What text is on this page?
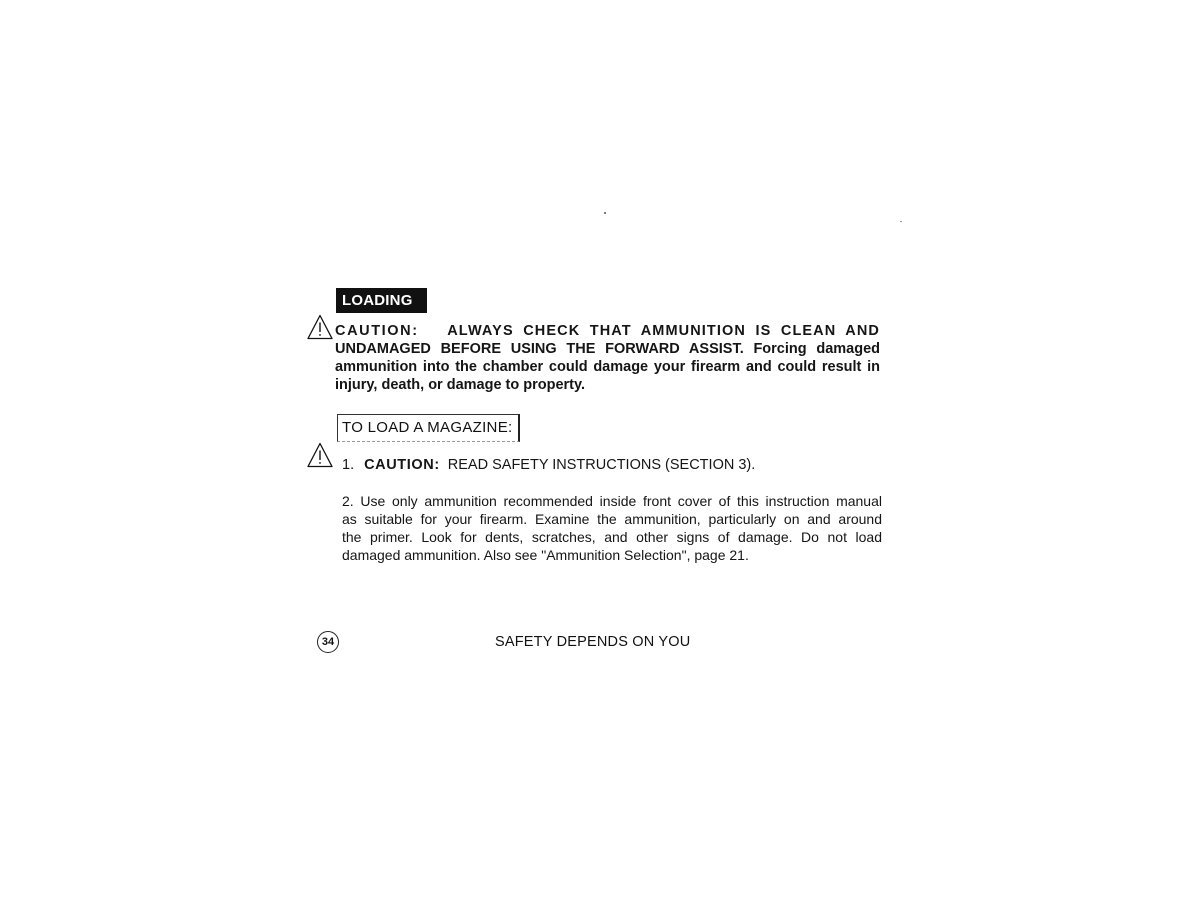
LOADING
CAUTION: ALWAYS CHECK THAT AMMUNITION IS CLEAN AND
UNDAMAGED BEFORE USING THE FORWARD ASSIST. Forcing damaged
ammunition into the chamber could damage your firearm and could result in
injury, death, or damage to property.
TO LOAD A MAGAZINE:
1. CAUTION: READ SAFETY INSTRUCTIONS (SECTION 3).
2. Use only ammunition recommended inside front cover of this instruction manual
as suitable for your firearm. Examine the ammunition, particularly on and around
the primer. Look for dents, scratches, and other signs of damage. Do not load
damaged ammunition. Also see "Ammunition Selection", page 21.
34	SAFETY DEPENDS ON YOU
